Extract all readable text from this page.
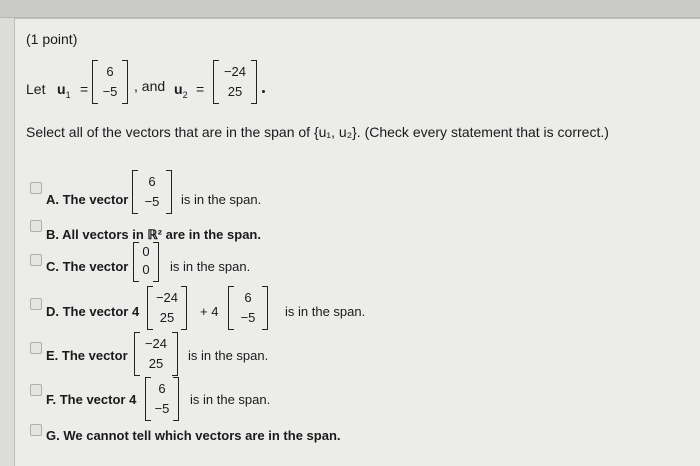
(1 point)
Let $u_1$ =
6
−5	, and $u_2$ =
−24
25
Select all of the vectors that are in the span of {u₁, u₂}. (Check every statement that is correct.)
A. The vector
6
−5	is in the span.
B. All vectors in ℝ² are in the span.
C. The vector
0
0	is in the span.
D. The vector 4
−24
25	+ 4
6
−5	is in the span.
E. The vector
−24
25
is in the span.
F. The vector 4
6
−5
is in the span.
G. We cannot tell which vectors are in the span.
